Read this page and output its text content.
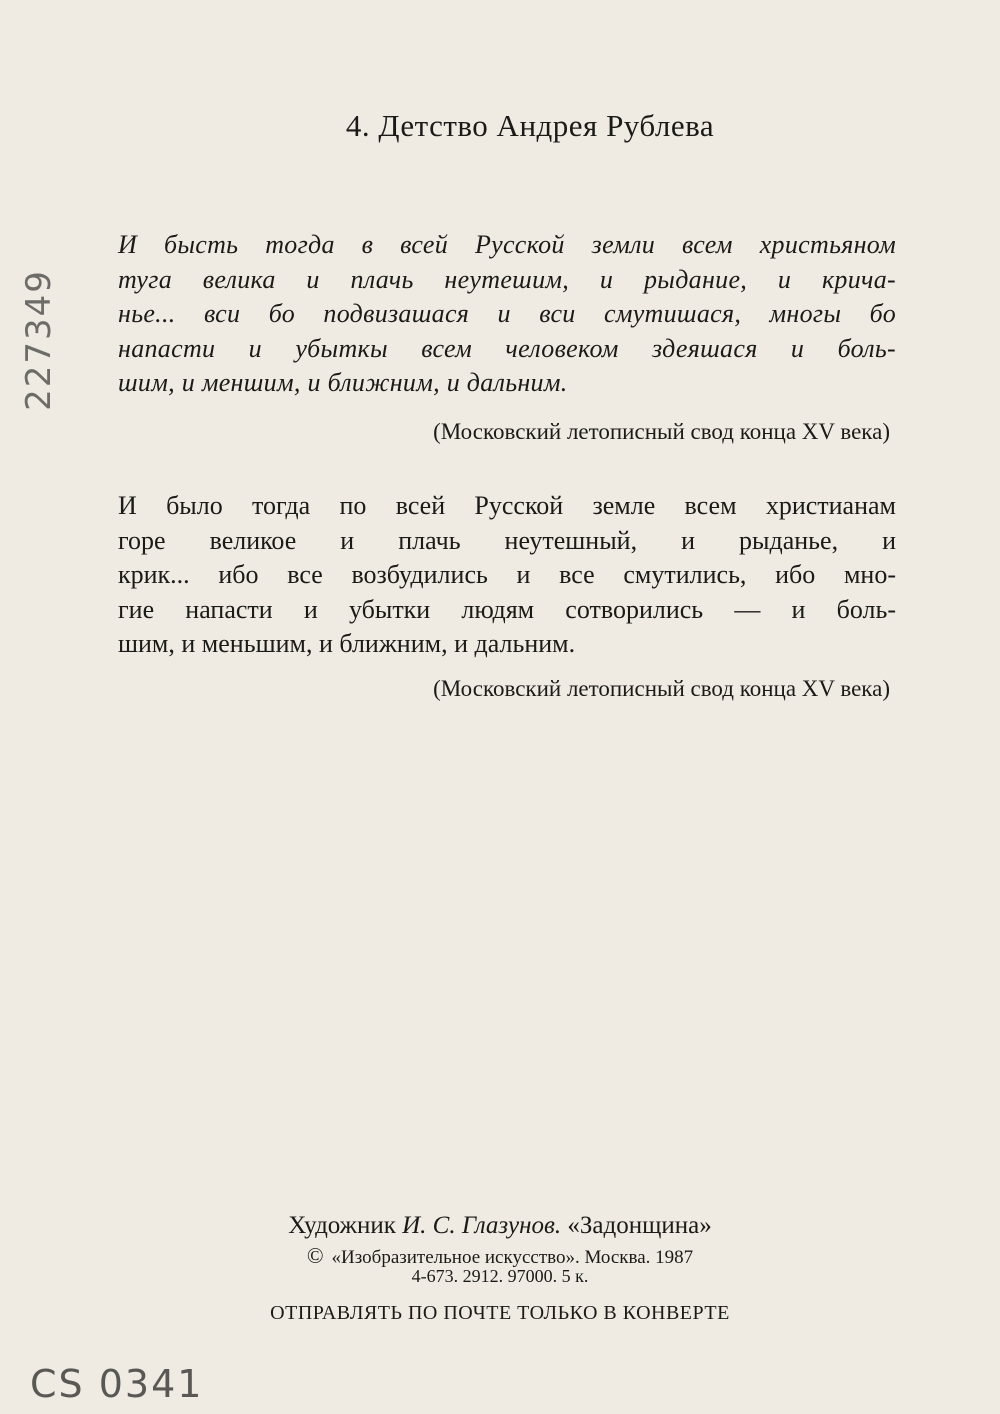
4. Детство Андрея Рублева
И бысть тогда в всей Русской земли всем христьяном
туга велика и плачь неутешим, и рыдание, и крича-
нье... вси бо подвизашася и вси смутишася, многы бо
напасти и убыткы всем человеком здеяшася и боль-
шим, и меншим, и ближним, и дальним.
(Московский летописный свод конца XV века)
И было тогда по всей Русской земле всем христианам
горе великое и плачь неутешный, и рыданье, и
крик... ибо все возбудились и все смутились, ибо мно-
гие напасти и убытки людям сотворились — и боль-
шим, и меньшим, и ближним, и дальним.
(Московский летописный свод конца XV века)
Художник И. С. Глазунов. «Задонщина»
© «Изобразительное искусство». Москва. 1987
4-673. 2912. 97000. 5 к.
ОТПРАВЛЯТЬ ПО ПОЧТЕ ТОЛЬКО В КОНВЕРТЕ
227349
CS 0341
